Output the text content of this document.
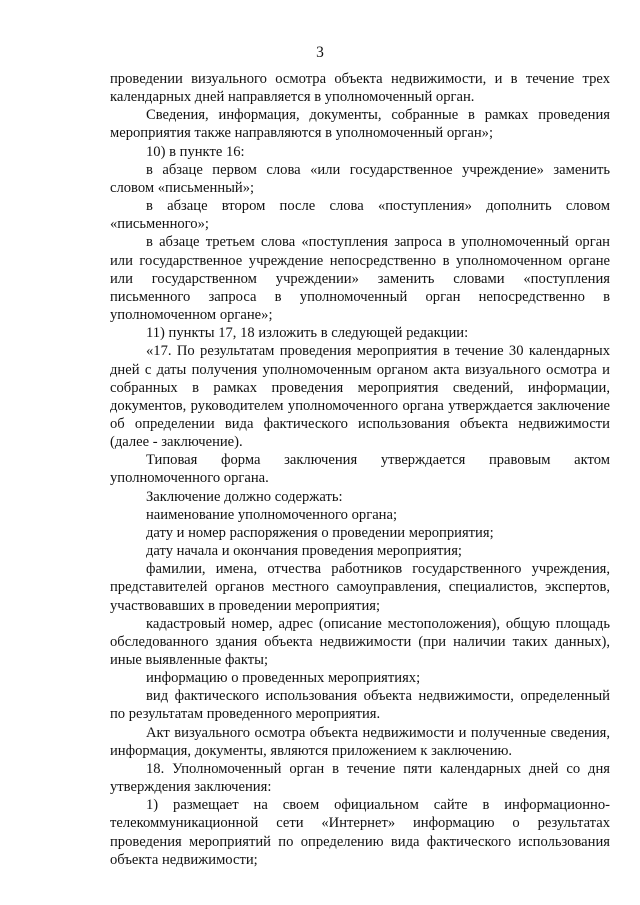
3

проведении визуального осмотра объекта недвижимости, и в течение трех календарных дней направляется в уполномоченный орган.

Сведения, информация, документы, собранные в рамках проведения мероприятия также направляются в уполномоченный орган»;

10) в пункте 16:

в абзаце первом слова «или государственное учреждение» заменить словом «письменный»;

в абзаце втором после слова «поступления» дополнить словом «письменного»;

в абзаце третьем слова «поступления запроса в уполномоченный орган или государственное учреждение непосредственно в уполномоченном органе или государственном учреждении» заменить словами «поступления письменного запроса в уполномоченный орган непосредственно в уполномоченном органе»;

11) пункты 17, 18 изложить в следующей редакции:

«17. По результатам проведения мероприятия в течение 30 календарных дней с даты получения уполномоченным органом акта визуального осмотра и собранных в рамках проведения мероприятия сведений, информации, документов, руководителем уполномоченного органа утверждается заключение об определении вида фактического использования объекта недвижимости (далее - заключение).

Типовая форма заключения утверждается правовым актом уполномоченного органа.

Заключение должно содержать:

наименование уполномоченного органа;

дату и номер распоряжения о проведении мероприятия;

дату начала и окончания проведения мероприятия;

фамилии, имена, отчества работников государственного учреждения, представителей органов местного самоуправления, специалистов, экспертов, участвовавших в проведении мероприятия;

кадастровый номер, адрес (описание местоположения), общую площадь обследованного здания объекта недвижимости (при наличии таких данных), иные выявленные факты;

информацию о проведенных мероприятиях;

вид фактического использования объекта недвижимости, определенный по результатам проведенного мероприятия.

Акт визуального осмотра объекта недвижимости и полученные сведения, информация, документы, являются приложением к заключению.

18. Уполномоченный орган в течение пяти календарных дней со дня утверждения заключения:

1) размещает на своем официальном сайте в информационно-телекоммуникационной сети «Интернет» информацию о результатах проведения мероприятий по определению вида фактического использования объекта недвижимости;
